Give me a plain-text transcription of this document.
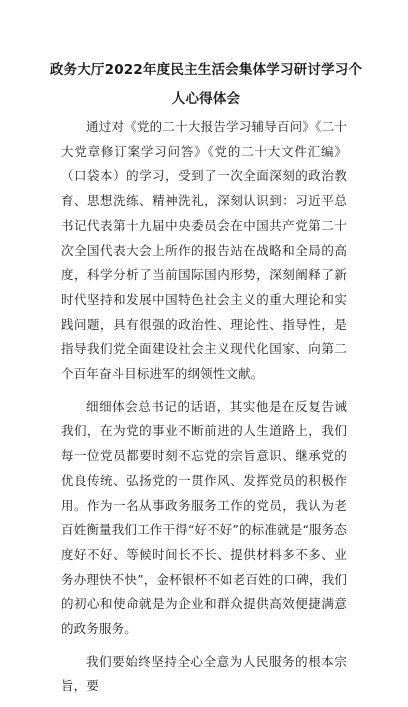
政务大厅2022年度民主生活会集体学习研讨学习个人心得体会

通过对《党的二十大报告学习辅导百问》《二十大党章修订案学习问答》《党的二十大文件汇编》（口袋本）的学习，受到了一次全面深刻的政治教育、思想洗练、精神洗礼，深刻认识到：习近平总书记代表第十九届中央委员会在中国共产党第二十次全国代表大会上所作的报告站在战略和全局的高度，科学分析了当前国际国内形势，深刻阐释了新时代坚持和发展中国特色社会主义的重大理论和实践问题，具有很强的政治性、理论性、指导性，是指导我们党全面建设社会主义现代化国家、向第二个百年奋斗目标进军的纲领性文献。

细细体会总书记的话语，其实他是在反复告诫我们，在为党的事业不断前进的人生道路上，我们每一位党员都要时刻不忘党的宗旨意识、继承党的优良传统、弘扬党的一贯作风、发挥党员的积极作用。作为一名从事政务服务工作的党员，我认为老百姓衡量我们工作干得“好不好”的标准就是“服务态度好不好、等候时间长不长、提供材料多不多、业务办理快不快”，金杯银杯不如老百姓的口碑，我们的初心和使命就是为企业和群众提供高效便捷满意的政务服务。

我们要始终坚持全心全意为人民服务的根本宗旨，要
